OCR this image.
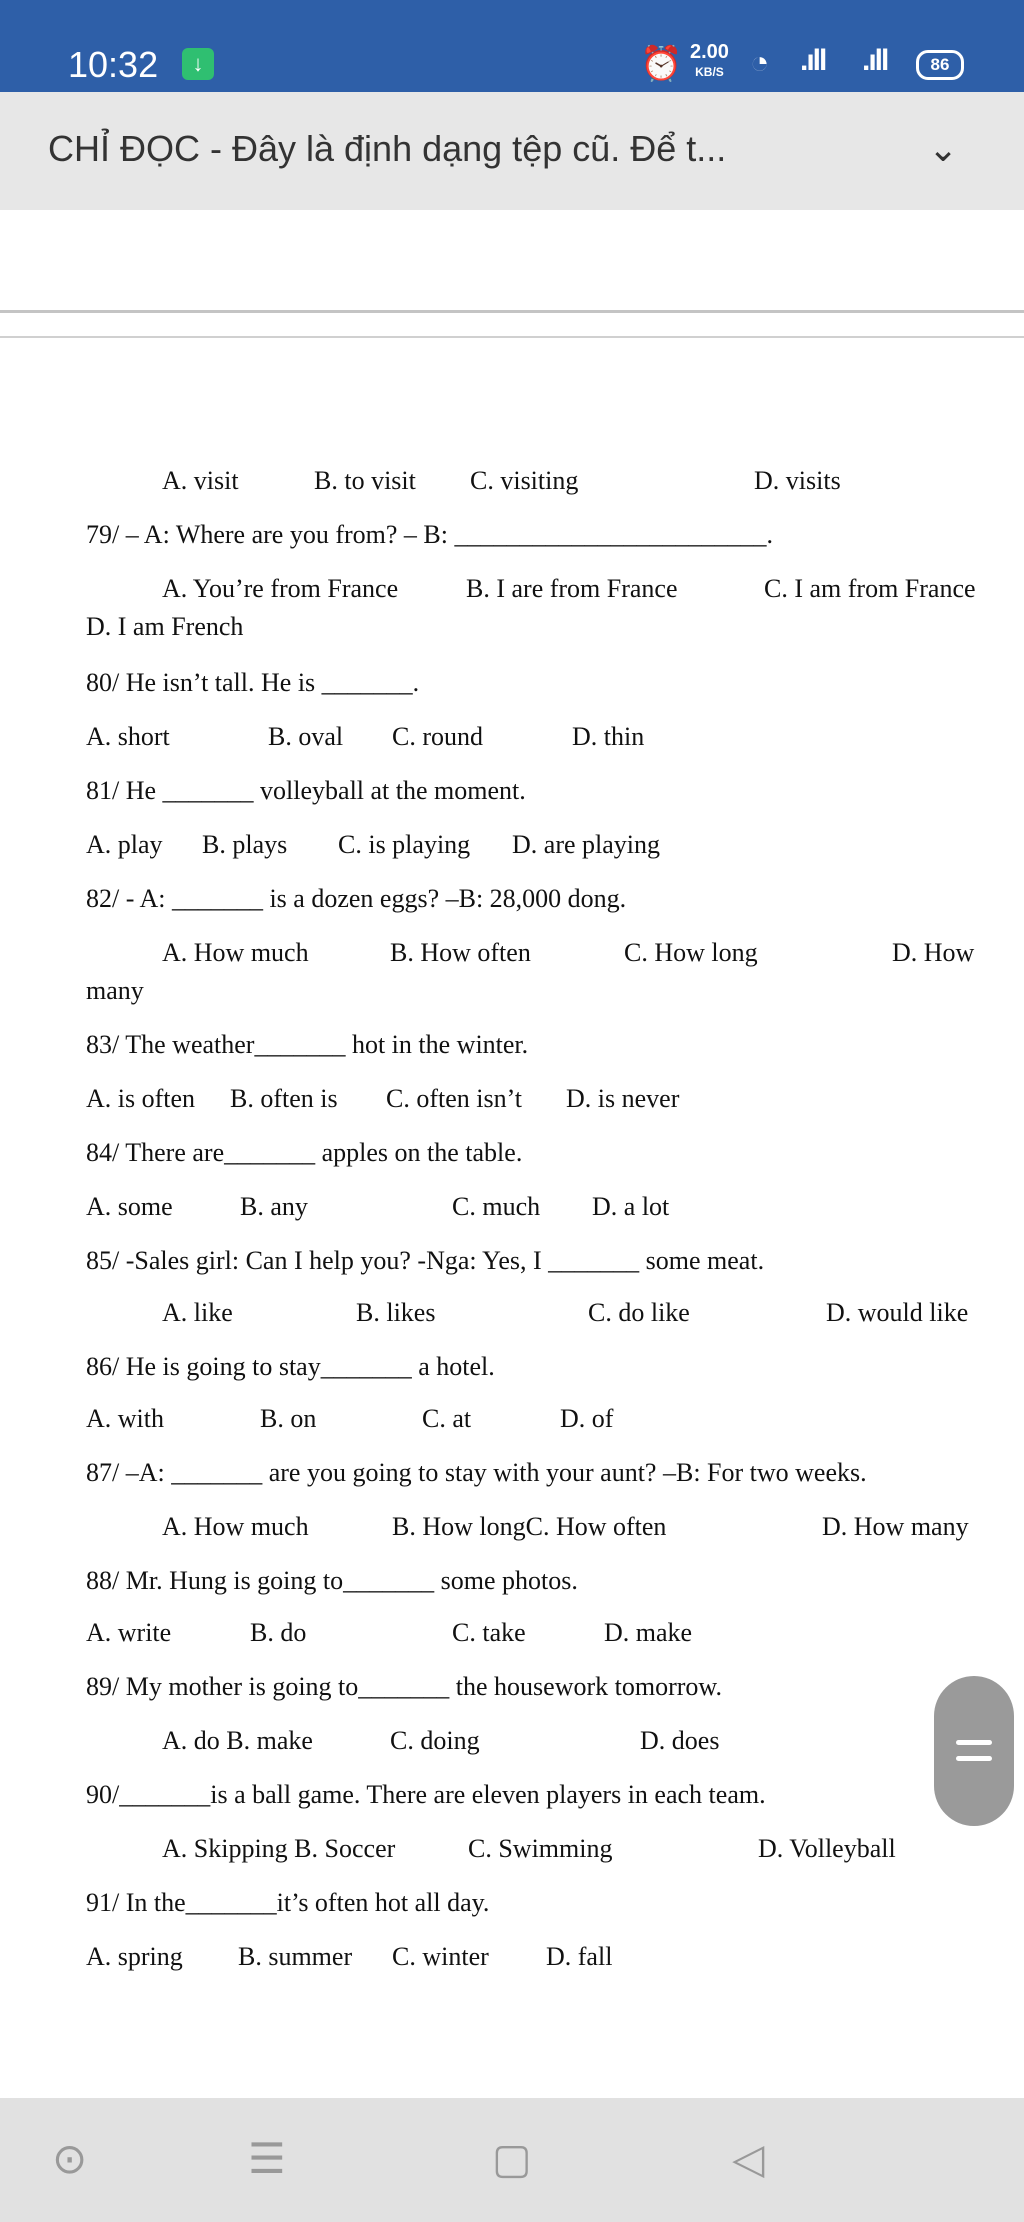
10:32	↓	⏰ 2.00
KB/S ◔ .ıll .ıll	86
CHỈ ĐỌC - Đây là định dạng tệp cũ. Để t...	⌄
A. visit	B. to visit C. visiting	D. visits
79/ – A: Where are you from? – B: ________________________.
A. You’re from France	B. I are from France	C. I am from France
D. I am French
80/ He isn’t tall. He is _______.
A. short	B. oval C. round	D. thin
81/ He _______ volleyball at the moment.
A. play B. plays C. is playing D. are playing
82/ - A: _______ is a dozen eggs? –B: 28,000 dong.
A. How much	B. How often	C. How long	D. How
many
83/ The weather_______ hot in the winter.
A. is often B. often is C. often isn’t D. is never
84/ There are_______ apples on the table.
A. some	B. any	C. much D. a lot
85/ -Sales girl: Can I help you? -Nga: Yes, I _______ some meat.
A. like	B. likes	C. do like	D. would like
86/ He is going to stay_______ a hotel.
A. with	B. on	C. at	D. of
87/ –A: _______ are you going to stay with your aunt? –B: For two weeks.
A. How much	B. How longC. How often	D. How many
88/ Mr. Hung is going to_______ some photos.
A. write	B. do	C. take	D. make
89/ My mother is going to_______ the housework tomorrow.
A. do B. make	C. doing	D. does
90/_______is a ball game. There are eleven players in each team.
A. Skipping B. Soccer	C. Swimming	D. Volleyball
91/ In the_______it’s often hot all day.
A. spring B. summer C. winter D. fall
⊙	☰	▢	◁
